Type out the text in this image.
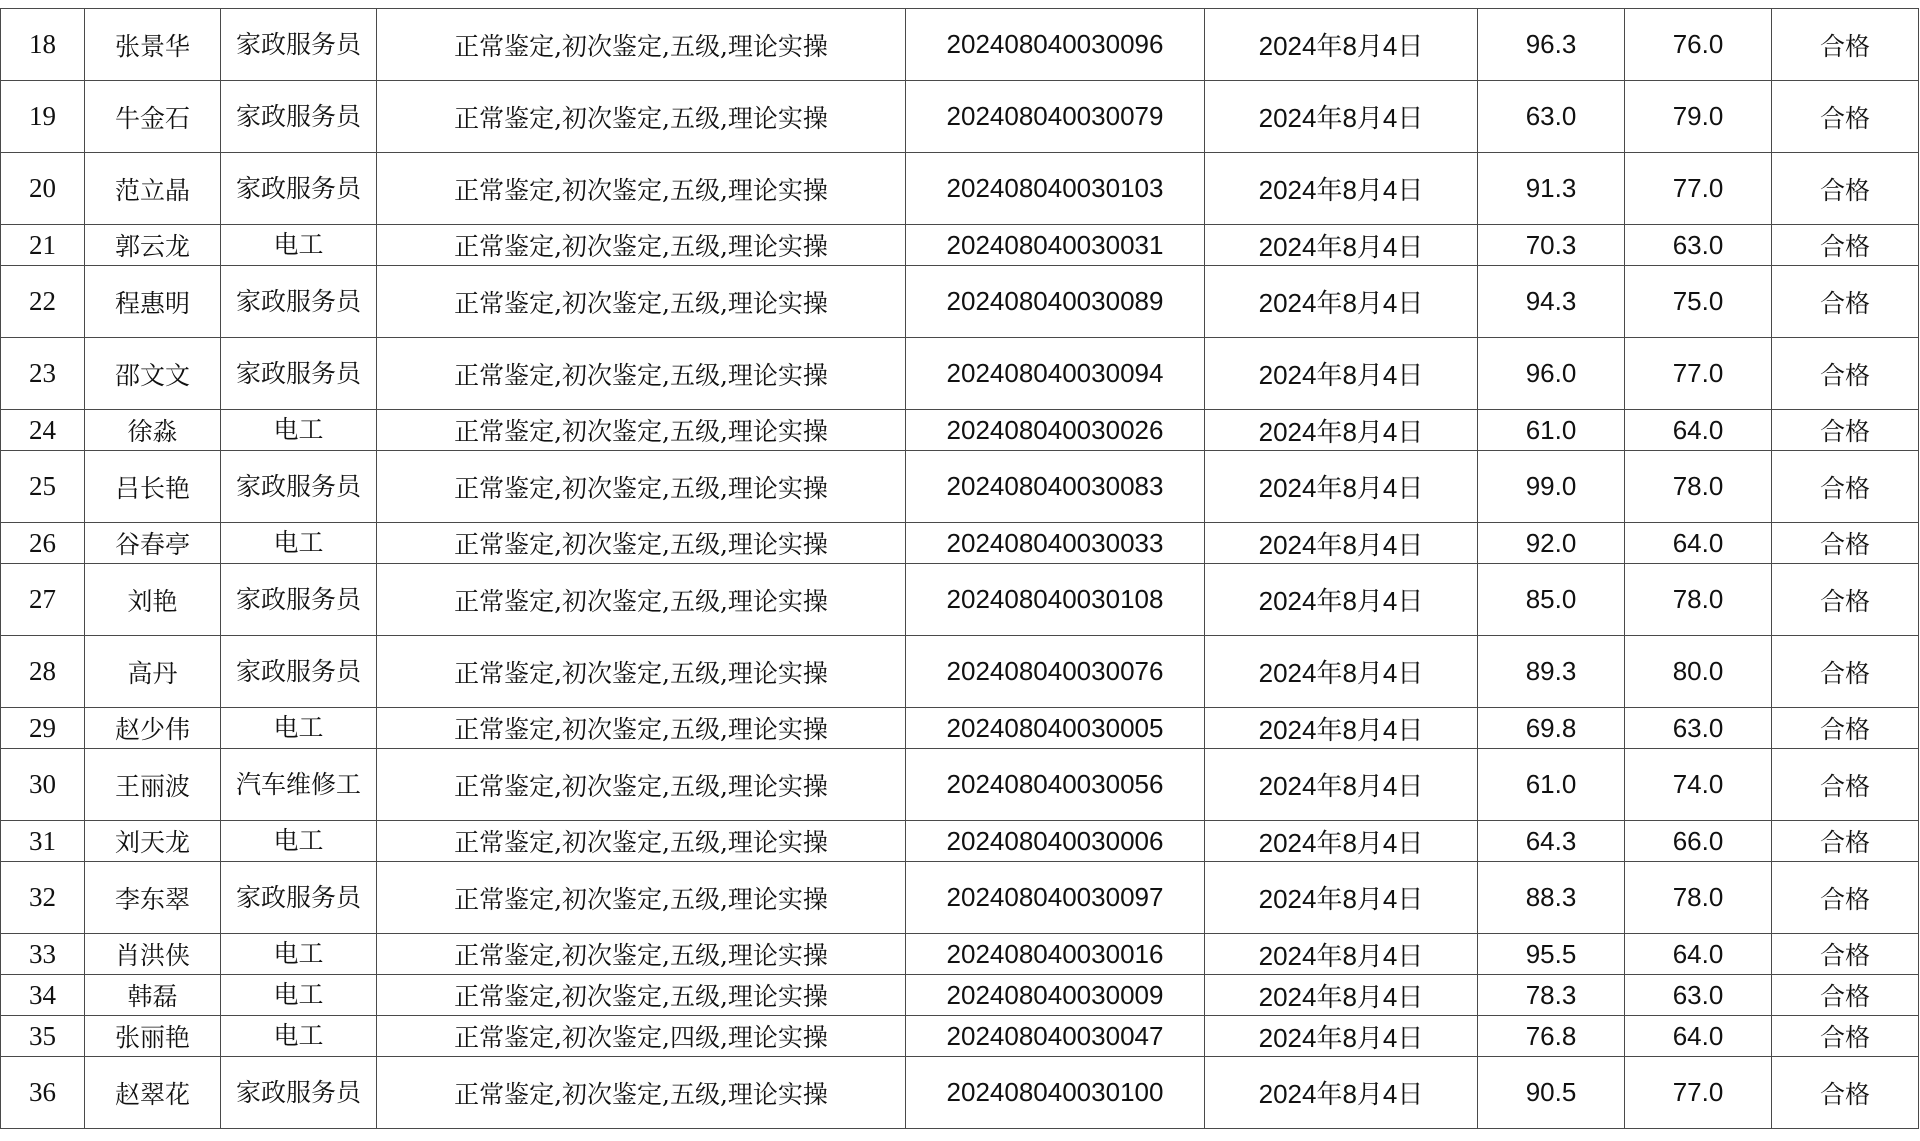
18	张景华	家政服务员	正常鉴定,初次鉴定,五级,理论实操	202408040030096	2024年8月4日	96.3	76.0	合格
19	牛金石	家政服务员	正常鉴定,初次鉴定,五级,理论实操	202408040030079	2024年8月4日	63.0	79.0	合格
20	范立晶	家政服务员	正常鉴定,初次鉴定,五级,理论实操	202408040030103	2024年8月4日	91.3	77.0	合格
21	郭云龙	电工	正常鉴定,初次鉴定,五级,理论实操	202408040030031	2024年8月4日	70.3	63.0	合格
22	程惠明	家政服务员	正常鉴定,初次鉴定,五级,理论实操	202408040030089	2024年8月4日	94.3	75.0	合格
23	邵文文	家政服务员	正常鉴定,初次鉴定,五级,理论实操	202408040030094	2024年8月4日	96.0	77.0	合格
24	徐淼	电工	正常鉴定,初次鉴定,五级,理论实操	202408040030026	2024年8月4日	61.0	64.0	合格
25	吕长艳	家政服务员	正常鉴定,初次鉴定,五级,理论实操	202408040030083	2024年8月4日	99.0	78.0	合格
26	谷春亭	电工	正常鉴定,初次鉴定,五级,理论实操	202408040030033	2024年8月4日	92.0	64.0	合格
27	刘艳	家政服务员	正常鉴定,初次鉴定,五级,理论实操	202408040030108	2024年8月4日	85.0	78.0	合格
28	高丹	家政服务员	正常鉴定,初次鉴定,五级,理论实操	202408040030076	2024年8月4日	89.3	80.0	合格
29	赵少伟	电工	正常鉴定,初次鉴定,五级,理论实操	202408040030005	2024年8月4日	69.8	63.0	合格
30	王丽波	汽车维修工	正常鉴定,初次鉴定,五级,理论实操	202408040030056	2024年8月4日	61.0	74.0	合格
31	刘天龙	电工	正常鉴定,初次鉴定,五级,理论实操	202408040030006	2024年8月4日	64.3	66.0	合格
32	李东翠	家政服务员	正常鉴定,初次鉴定,五级,理论实操	202408040030097	2024年8月4日	88.3	78.0	合格
33	肖洪侠	电工	正常鉴定,初次鉴定,五级,理论实操	202408040030016	2024年8月4日	95.5	64.0	合格
34	韩磊	电工	正常鉴定,初次鉴定,五级,理论实操	202408040030009	2024年8月4日	78.3	63.0	合格
35	张丽艳	电工	正常鉴定,初次鉴定,四级,理论实操	202408040030047	2024年8月4日	76.8	64.0	合格
36	赵翠花	家政服务员	正常鉴定,初次鉴定,五级,理论实操	202408040030100	2024年8月4日	90.5	77.0	合格
